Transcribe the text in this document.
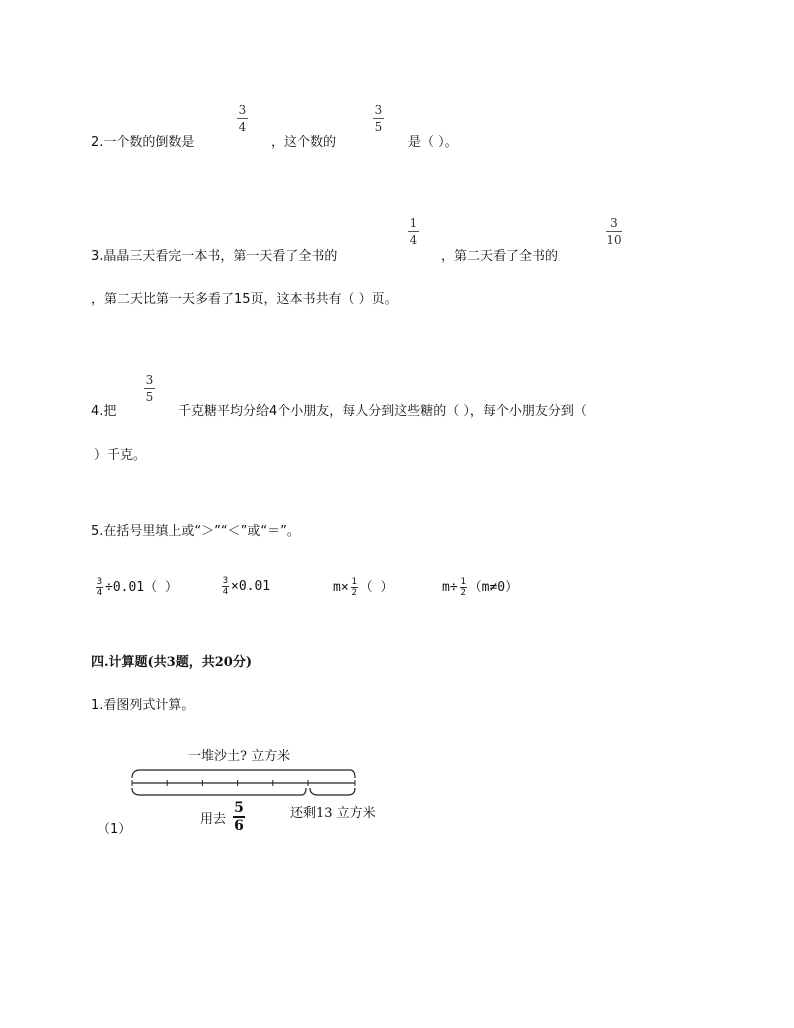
2.一个数的倒数是
3
4
，这个数的
3
5
是（ ）。
3.晶晶三天看完一本书，第一天看了全书的
1
4
，第二天看了全书的
3
10
，第二天比第一天多看了15页，这本书共有（ ）页。
4.把
3
5
千克糖平均分给4个小朋友，每人分到这些糖的（ ），每个小朋友分到（
）千克。
5.在括号里填上或“＞”“＜”或“＝”。
$\frac{3}{4} \div 0.01$（ ）	$\frac{3}{4} \times 0.01$	$m\times \frac{1}{2}$ （ ）	$m\div \frac{1}{2} (m\ne 0)$
四.计算题(共3题，共20分)
1.看图列式计算。
一堆沙土? 立方米
用去
5
6
还剩13 立方米
（1）
